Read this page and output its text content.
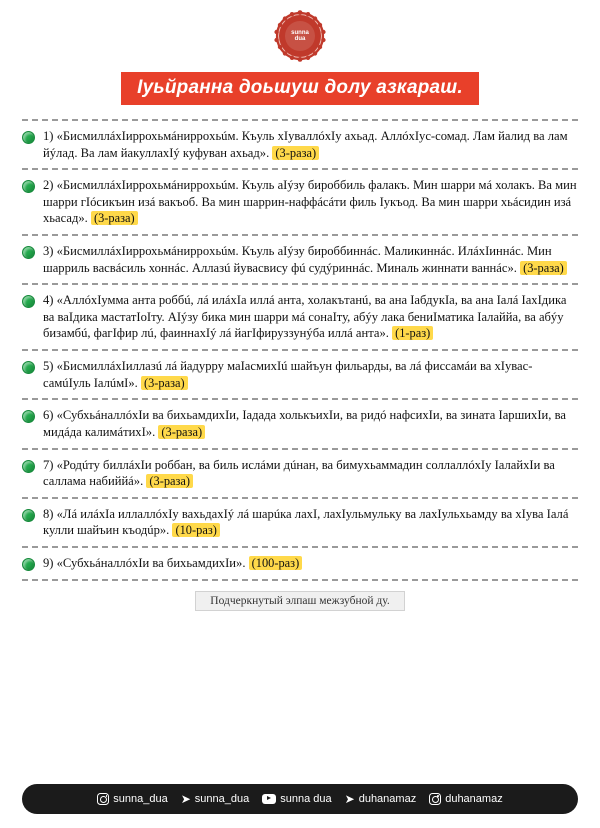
sunna
dua
Iуьйранна доьшуш долу азкараш.
1) «БисмиллáхIиррохьмáнирpoхьúм. Къуль хIуваллóхIу ахьад. АллóхIус-сомад. Лам йалид ва лам йýлад. Ва лам йакуллахIý куфуван ахьад». (3-раза)
2) «БисмиллáхIиррохьмáнирpoхьúм. Къуль аIýзу бироббиль фалакъ. Мин шарри мá холакъ. Ва мин шарри гIóсикъин изá вакъоб. Ва мин шаррин-наффáсáти филь Iукъод. Ва мин шарри хьáсидин изá хьасад». (3-раза)
3) «БисмиллáхIиррохьмáнирpoхьúм. Къуль аIýзу бироббиннáс. Маликиннáс. ИлáхIиннáс. Мин шарриль васвáсиль хоннáс. Аллазú йувасвису фú судýриннáс. Миналь жиннати ваннáс». (3-раза)
4) «АллóхIумма анта роббú, лá илáхIа иллá анта, холакътанú, ва ана IабдукIа, ва ана Iалá IахIдика ва ваIдика мастатIоIту. АIýзу бика мин шарри мá сонаIту, абýу лака бениIматика Iалаййа, ва абýу бизамбú, фагIфир лú, фаиннахIý лá йагIфируззунýба иллá анта». (1-раз)
5) «БисмиллáхIиллазú лá йадурру маIасмихIú шайъун фильарды, ва лá фиссамáи ва хIувас-самúIуль IалúмI». (3-раза)
6) «СубхьáналлóхIи ва бихьамдихIи, Iададa холькъихIи, ва ридó нафсихIи, ва зината IаршихIи, ва мидáда калимáтихI». (3-раза)
7) «Родúту биллáхIи роббан, ва биль ислáми дúнан, ва бимухьаммадин соллаллóхIу IалайхIи ва саллама набиййá». (3-раза)
8) «Лá илáхIа иллаллóхIу вахьдахIý лá шарúка лахI, лахIульмульку ва лахIульхьамду ва хIува Iалá кулли шайъин къодúр». (10-раз)
9) «СубхьáналлóхIи ва бихьамдихIи». (100-раз)
Подчеркнутый элпаш межзубной ду.
sunna_dua ➤ sunna_dua	sunna dua ➤ duhanamaz	duhanamaz
